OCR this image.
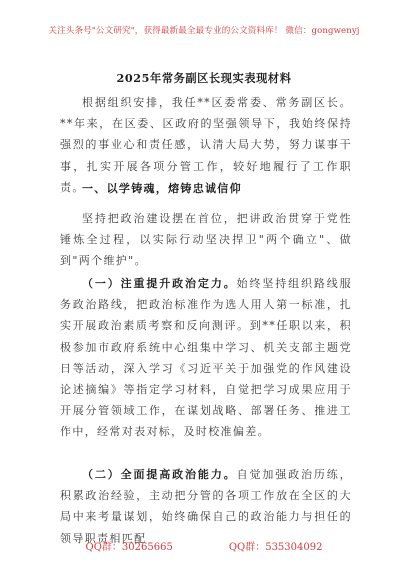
关注头条号"公文研究"，获得最新最全最专业的公文资料库！ 微信：gongwenyj
2025年常务副区长现实表现材料

根据组织安排，我任**区委常委、常务副区长。**年来，在区委、区政府的坚强领导下，我始终保持强烈的事业心和责任感，认清大局大势，努力谋事干事，扎实开展各项分管工作，较好地履行了工作职责。

一、以学铸魂，熔铸忠诚信仰

坚持把政治建设摆在首位，把讲政治贯穿于党性锤炼全过程，以实际行动坚决捍卫"两个确立"、做到"两个维护"。

（一）注重提升政治定力。始终坚持组织路线服务政治路线，把政治标准作为选人用人第一标准，扎实开展政治素质考察和反向测评。到**任职以来，积极参加市政府系统中心组集中学习、机关支部主题党日等活动，深入学习《习近平关于加强党的作风建设论述摘编》等指定学习材料，自觉把学习成果应用于开展分管领域工作，在谋划战略、部署任务、推进工作中，经常对表对标，及时校准偏差。

（二）全面提高政治能力。自觉加强政治历练，积累政治经验，主动把分管的各项工作放在全区的大局中来考量谋划，始终确保自己的政治能力与担任的领导职责相匹配

QQ群：30265665	QQ群：535304092
